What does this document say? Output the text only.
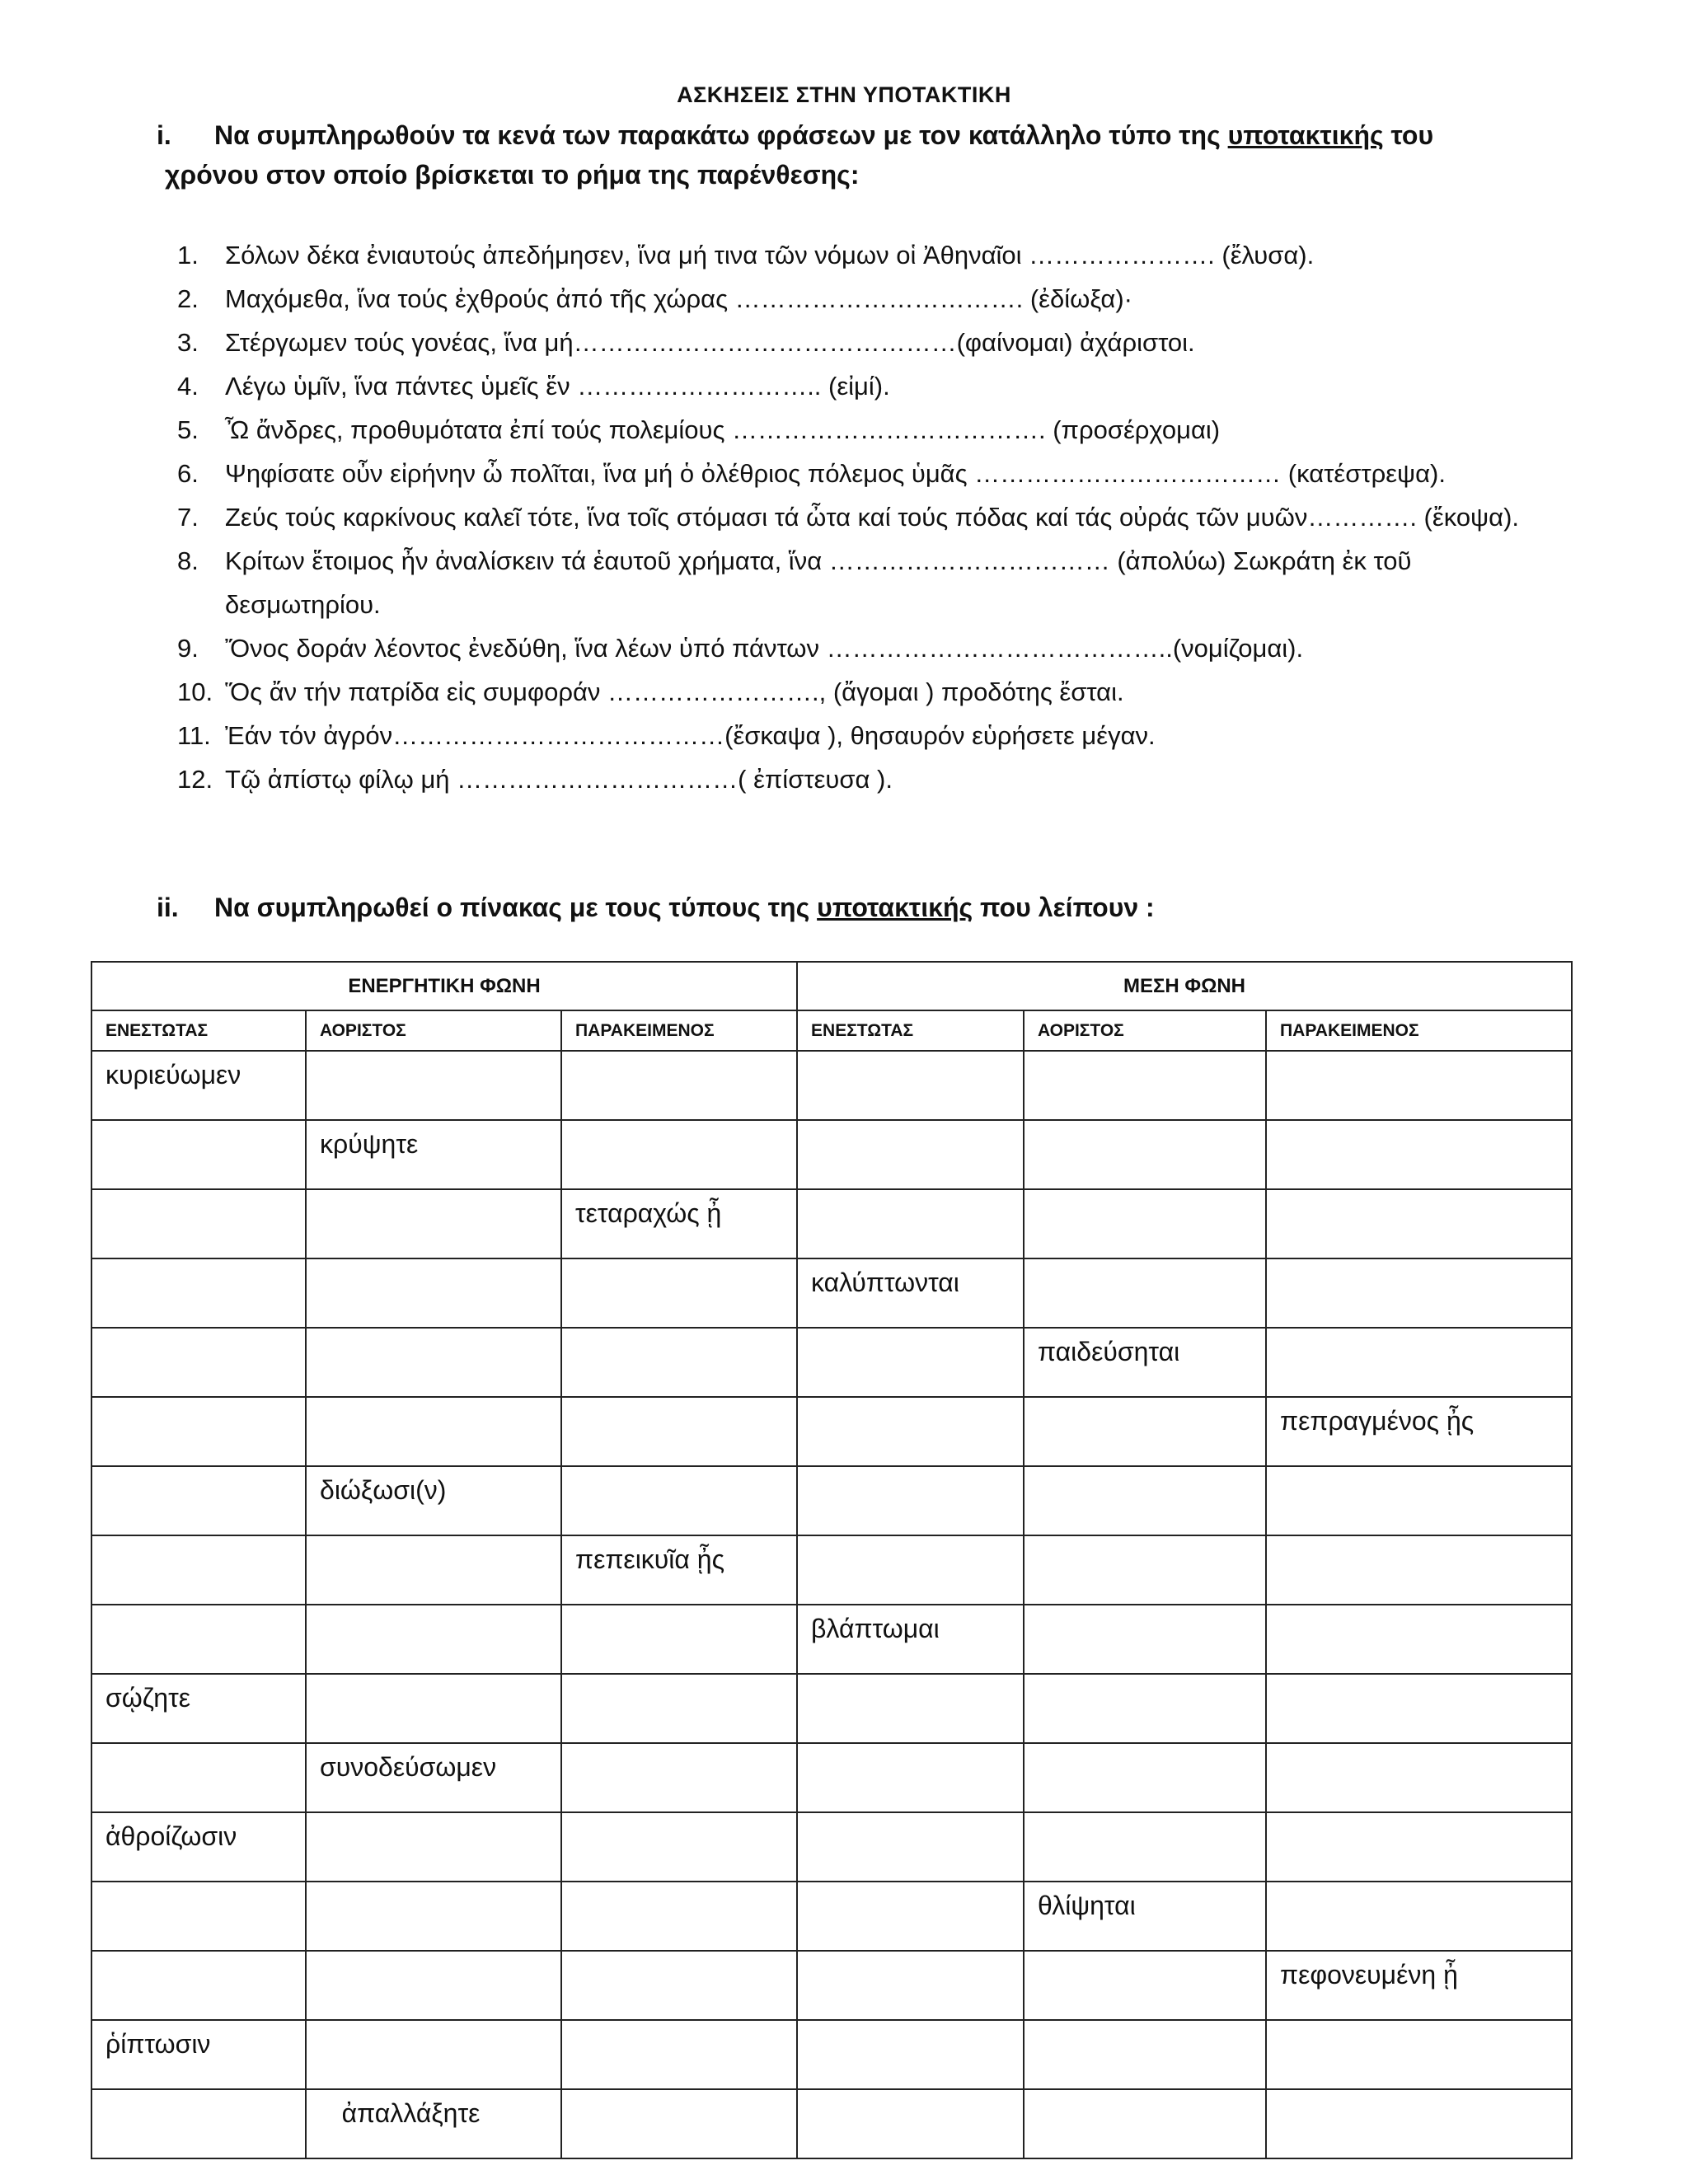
ΑΣΚΗΣΕΙΣ ΣΤΗΝ ΥΠΟΤΑΚΤΙΚΗ
i. Να συμπληρωθούν τα κενά των παρακάτω φράσεων με τον κατάλληλο τύπο της υποτακτικής του
χρόνου στον οποίο βρίσκεται το ρήμα της παρένθεσης:
1.	Σόλων δέκα ἐνιαυτούς ἀπεδήμησεν, ἵνα μή τινα τῶν νόμων οἱ Ἀθηναῖοι …………………. (ἔλυσα).
2.	Μαχόμεθα, ἵνα τούς ἐχθρούς ἀπό τῆς χώρας ……………………………. (ἐδίωξα)·
3.	Στέργωμεν τούς γονέας, ἵνα μή………………………………………(φαίνομαι) ἀχάριστοι.
4.	Λέγω ὑμῖν, ἵνα πάντες ὑμεῖς ἕν ……………………….. (εἰμί).
5.	Ὦ ἄνδρες, προθυμότατα ἐπί τούς πολεμίους ………………………………. (προσέρχομαι)
6.	Ψηφίσατε οὖν εἰρήνην ὦ πολῖται, ἵνα μή ὁ ὀλέθριος πόλεμος ὑμᾶς ……………………………… (κατέστρεψα).
7.	Ζεύς τούς καρκίνους καλεῖ τότε, ἵνα τοῖς στόμασι τά ὦτα καί τούς πόδας καί τάς οὐράς τῶν μυῶν…………. (ἔκοψα).
8.	Κρίτων ἕτοιμος ἦν ἀναλίσκειν τά ἑαυτοῦ χρήματα, ἵνα …………………………… (ἀπολύω) Σωκράτη ἐκ τοῦ δεσμωτηρίου.
9.	Ὄνος δοράν λέοντος ἐνεδύθη, ἵνα λέων ὑπό πάντων …………………………………..(νομίζομαι).
10. Ὅς ἄν τήν πατρίδα εἰς συμφοράν ……………………., (ἄγομαι ) προδότης ἔσται.
11. Ἐάν τόν ἀγρόν…………………………………(ἔσκαψα ), θησαυρόν εὑρήσετε μέγαν.
12. Τῷ ἀπίστῳ φίλῳ μή ……………………………( ἐπίστευσα ).
ii. Να συμπληρωθεί ο πίνακας με τους τύπους της υποτακτικής που λείπουν :
ΕΝΕΡΓΗΤΙΚΗ ΦΩΝΗ			ΜΕΣΗ ΦΩΝΗ		
ΕΝΕΣΤΩΤΑΣ	ΑΟΡΙΣΤΟΣ	ΠΑΡΑΚΕΙΜΕΝΟΣ	ΕΝΕΣΤΩΤΑΣ	ΑΟΡΙΣΤΟΣ	ΠΑΡΑΚΕΙΜΕΝΟΣ
κυριεύωμεν					
	κρύψητε				
		τεταραχώς ᾖ			
			καλύπτωνται		
				παιδεύσηται	
					πεπραγμένος ᾖς
	διώξωσι(ν)				
		πεπεικυῖα ᾖς			
			βλάπτωμαι		
σῴζητε					
	συνοδεύσωμεν				
ἀθροίζωσιν					
				θλίψηται	
					πεφονευμένη ᾖ
ῥίπτωσιν					
	ἀπαλλάξητε				
